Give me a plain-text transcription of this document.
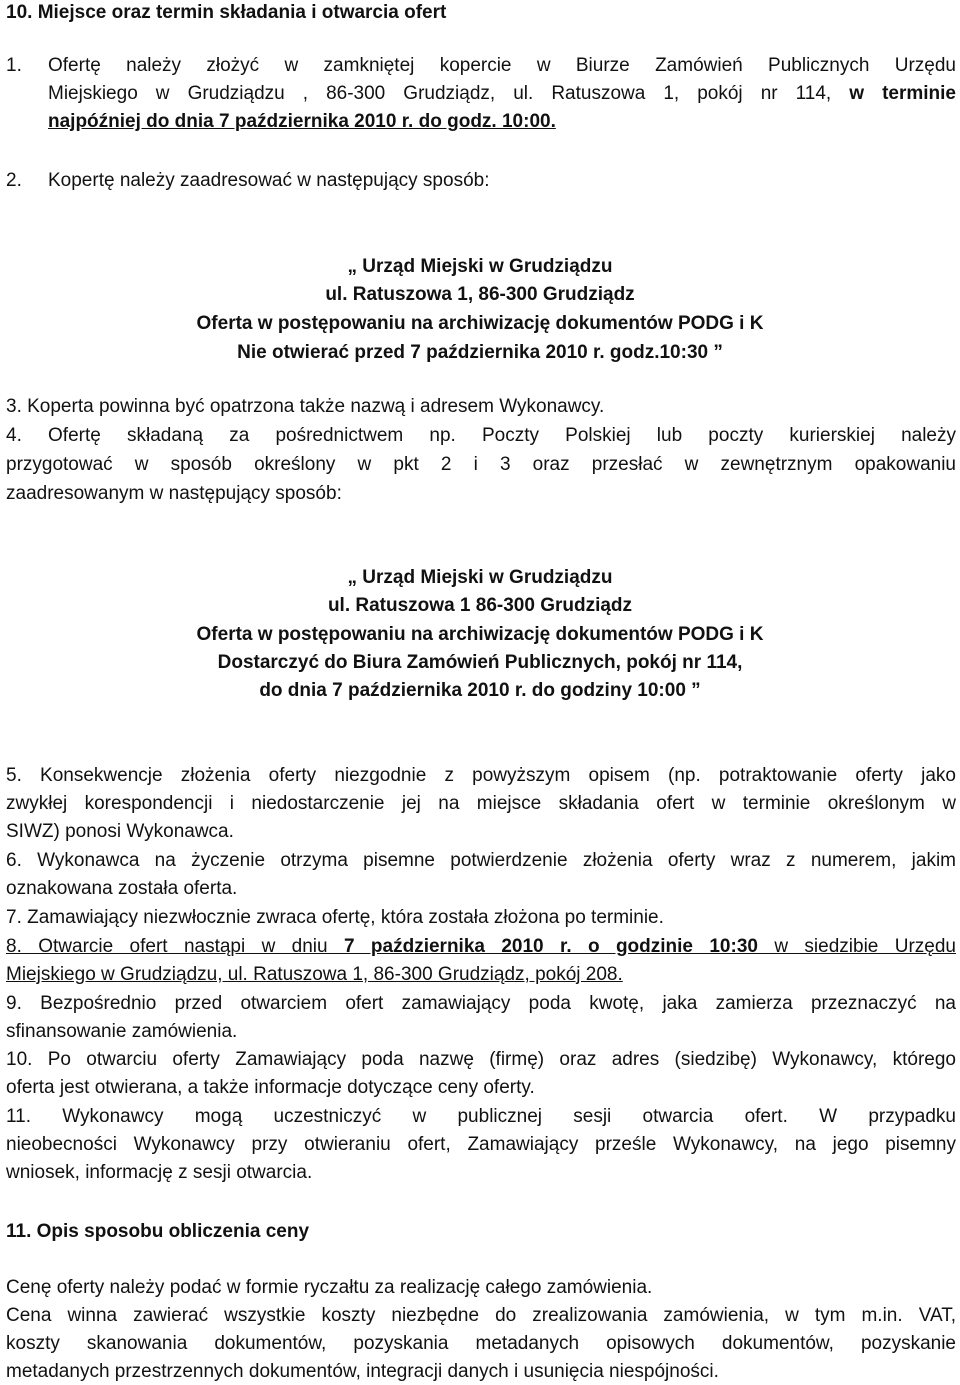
10. Miejsce oraz termin składania i otwarcia ofert
1.	Ofertę należy złożyć w zamkniętej kopercie w Biurze Zamówień Publicznych Urzędu
Miejskiego w Grudziądzu , 86-300 Grudziądz, ul. Ratuszowa 1, pokój nr 114, w terminie
najpóźniej do dnia 7 października 2010 r. do godz. 10:00.
2.	Kopertę należy zaadresować w następujący sposób:
„ Urząd Miejski w Grudziądzu
ul. Ratuszowa 1, 86-300 Grudziądz
Oferta w postępowaniu na archiwizację dokumentów PODG i K
Nie otwierać przed 7 października 2010 r. godz.10:30 ”
3. Koperta powinna być opatrzona także nazwą i adresem Wykonawcy.
4. Ofertę składaną za pośrednictwem np. Poczty Polskiej lub poczty kurierskiej należy
przygotować w sposób określony w pkt 2 i 3 oraz przesłać w zewnętrznym opakowaniu
zaadresowanym w następujący sposób:
„ Urząd Miejski w Grudziądzu
ul. Ratuszowa 1 86-300 Grudziądz
Oferta w postępowaniu na archiwizację dokumentów PODG i K
Dostarczyć do Biura Zamówień Publicznych, pokój nr 114,
do dnia 7 października 2010 r. do godziny 10:00 ”
5. Konsekwencje złożenia oferty niezgodnie z powyższym opisem (np. potraktowanie oferty jako
zwykłej korespondencji i niedostarczenie jej na miejsce składania ofert w terminie określonym w
SIWZ) ponosi Wykonawca.
6. Wykonawca na życzenie otrzyma pisemne potwierdzenie złożenia oferty wraz z numerem, jakim
oznakowana została oferta.
7. Zamawiający niezwłocznie zwraca ofertę, która została złożona po terminie.
8. Otwarcie ofert nastąpi w dniu 7 października 2010 r. o godzinie 10:30 w siedzibie Urzędu
Miejskiego w Grudziądzu, ul. Ratuszowa 1, 86-300 Grudziądz, pokój 208.
9. Bezpośrednio przed otwarciem ofert zamawiający poda kwotę, jaka zamierza przeznaczyć na
sfinansowanie zamówienia.
10. Po otwarciu oferty Zamawiający poda nazwę (firmę) oraz adres (siedzibę) Wykonawcy, którego
oferta jest otwierana, a także informacje dotyczące ceny oferty.
11. Wykonawcy mogą uczestniczyć w publicznej sesji otwarcia ofert. W przypadku
nieobecności Wykonawcy przy otwieraniu ofert, Zamawiający prześle Wykonawcy, na jego pisemny
wniosek, informację z sesji otwarcia.
11. Opis sposobu obliczenia ceny
Cenę oferty należy podać w formie ryczałtu za realizację całego zamówienia.
Cena winna zawierać wszystkie koszty niezbędne do zrealizowania zamówienia, w tym m.in. VAT,
koszty skanowania dokumentów, pozyskania metadanych opisowych dokumentów, pozyskanie
metadanych przestrzennych dokumentów, integracji danych i usunięcia niespójności.
